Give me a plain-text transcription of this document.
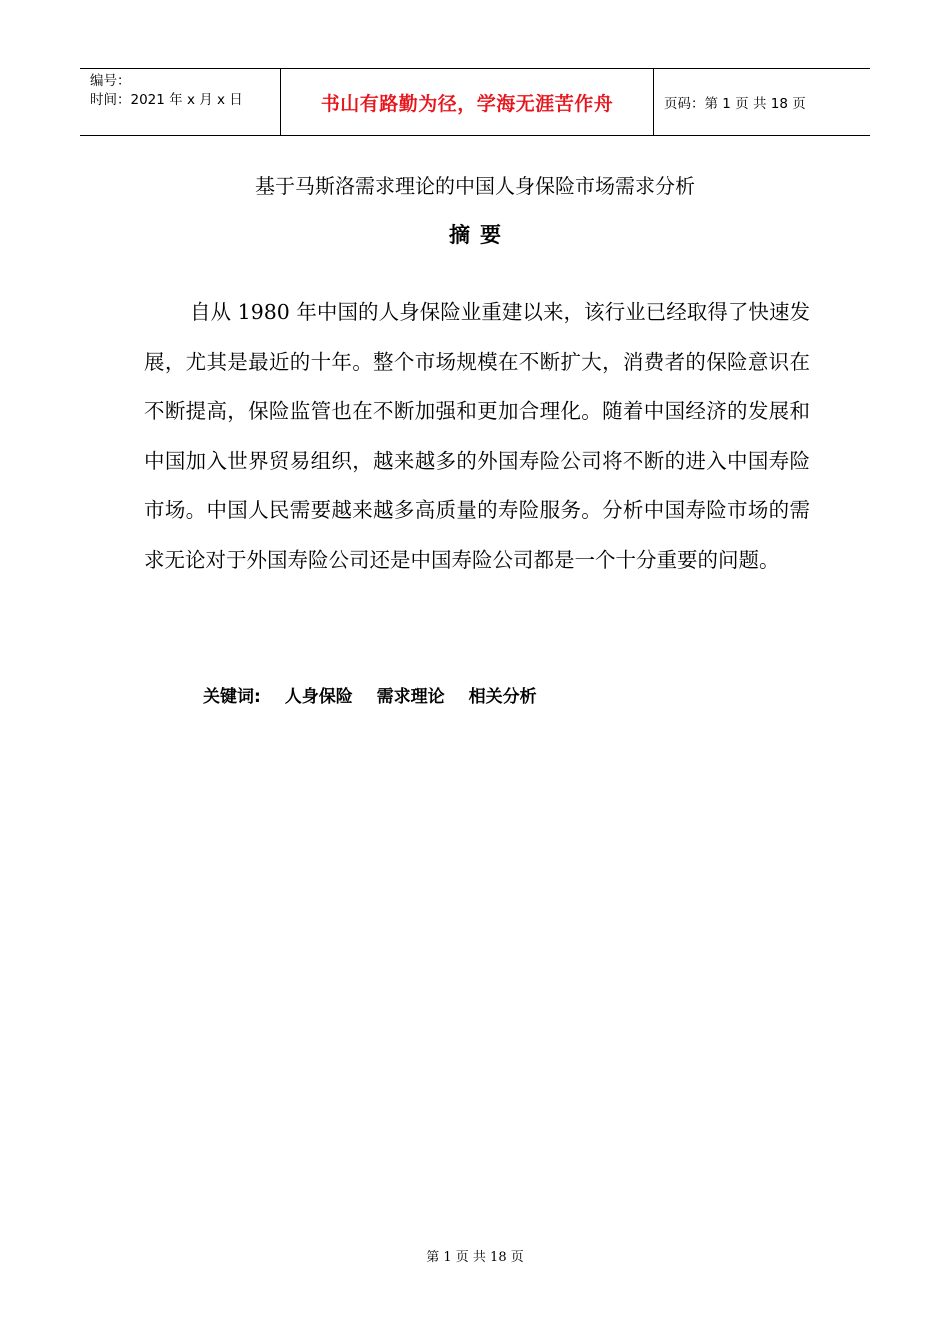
编号：
时间：2021 年 x 月 x 日	书山有路勤为径，学海无涯苦作舟	页码：第 1 页 共 18 页
基于马斯洛需求理论的中国人身保险市场需求分析
摘要

自从 1980 年中国的人身保险业重建以来，该行业已经取得了快速发展，尤其是最近的十年。整个市场规模在不断扩大，消费者的保险意识在不断提高，保险监管也在不断加强和更加合理化。随着中国经济的发展和中国加入世界贸易组织，越来越多的外国寿险公司将不断的进入中国寿险市场。中国人民需要越来越多高质量的寿险服务。分析中国寿险市场的需求无论对于外国寿险公司还是中国寿险公司都是一个十分重要的问题。

关键词: 人身保险 需求理论 相关分析
第 1 页 共 18 页
